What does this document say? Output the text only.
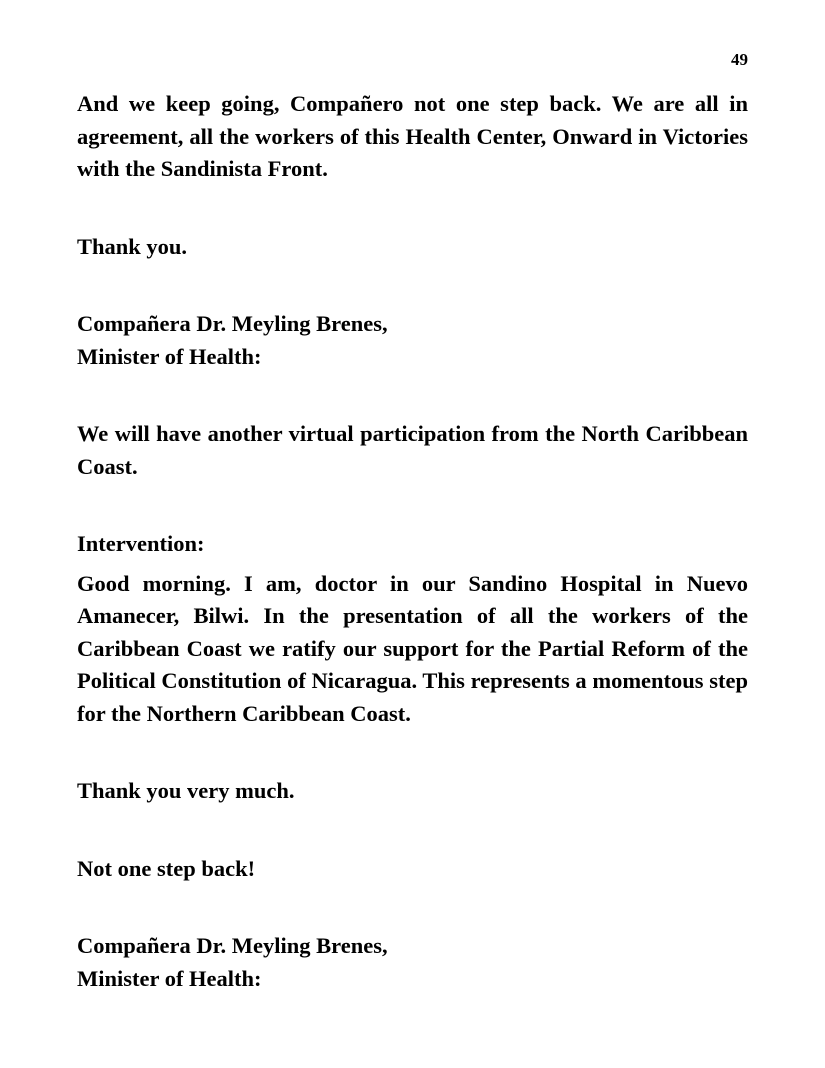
49

And we keep going, Compañero not one step back. We are all in agreement, all the workers of this Health Center, Onward in Victories with the Sandinista Front.

Thank you.

Compañera Dr. Meyling Brenes,
Minister of Health:

We will have another virtual participation from the North Caribbean Coast.

Intervention:

Good morning. I am, doctor in our Sandino Hospital in Nuevo Amanecer, Bilwi. In the presentation of all the workers of the Caribbean Coast we ratify our support for the Partial Reform of the Political Constitution of Nicaragua. This represents a momentous step for the Northern Caribbean Coast.

Thank you very much.

Not one step back!

Compañera Dr. Meyling Brenes,
Minister of Health:
